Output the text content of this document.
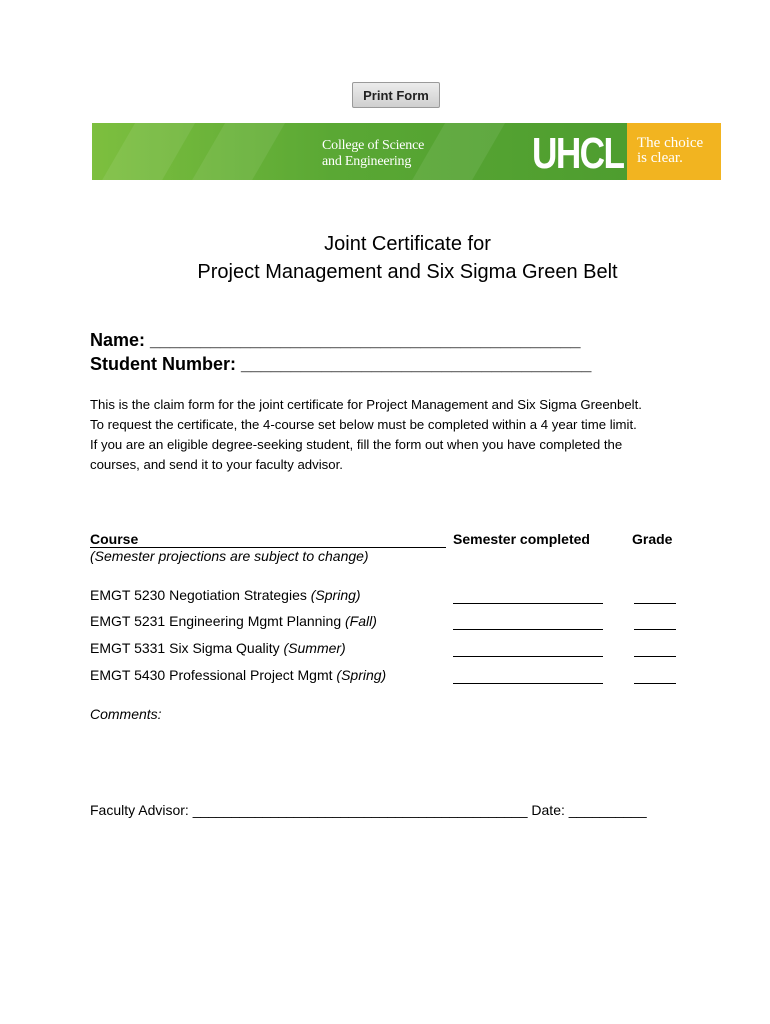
Print Form
College of Science
and Engineering	UHCL The choice
is clear.
Joint Certificate for
Project Management and Six Sigma Green Belt
Name: ___________________________________________
Student Number: ___________________________________
This is the claim form for the joint certificate for Project Management and Six Sigma Greenbelt.
To request the certificate, the 4-course set below must be completed within a 4 year time limit.
If you are an eligible degree-seeking student, fill the form out when you have completed the
courses, and send it to your faculty advisor.
Course	Semester completed	Grade
(Semester projections are subject to change)
EMGT 5230 Negotiation Strategies (Spring)
EMGT 5231 Engineering Mgmt Planning (Fall)
EMGT 5331 Six Sigma Quality (Summer)
EMGT 5430 Professional Project Mgmt (Spring)
Comments:
Faculty Advisor: ___________________________________________ Date: __________
